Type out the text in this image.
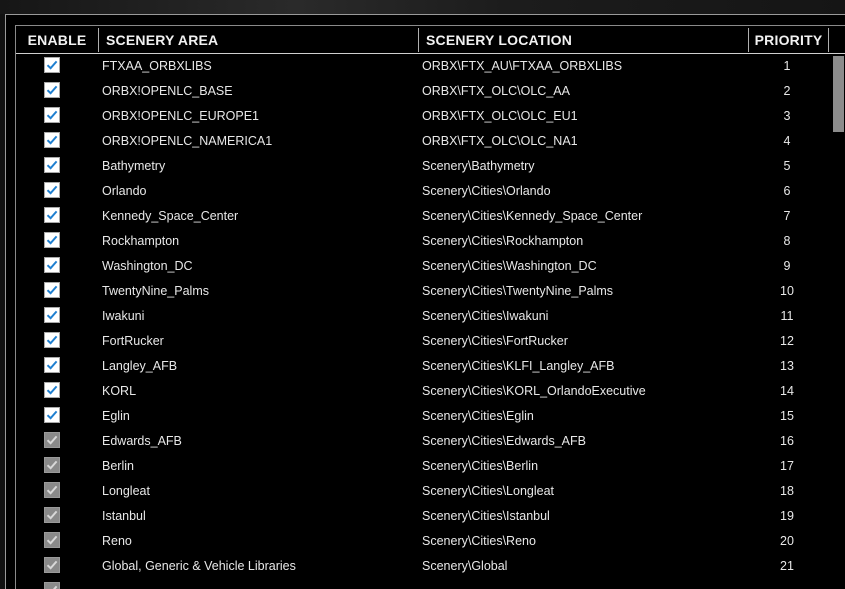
ENABLE	SCENERY AREA	SCENERY LOCATION	PRIORITY
FTXAA_ORBXLIBS	ORBX\FTX_AU\FTXAA_ORBXLIBS	1
ORBX!OPENLC_BASE	ORBX\FTX_OLC\OLC_AA	2
ORBX!OPENLC_EUROPE1	ORBX\FTX_OLC\OLC_EU1	3
ORBX!OPENLC_NAMERICA1	ORBX\FTX_OLC\OLC_NA1	4
Bathymetry	Scenery\Bathymetry	5
Orlando	Scenery\Cities\Orlando	6
Kennedy_Space_Center	Scenery\Cities\Kennedy_Space_Center	7
Rockhampton	Scenery\Cities\Rockhampton	8
Washington_DC	Scenery\Cities\Washington_DC	9
TwentyNine_Palms	Scenery\Cities\TwentyNine_Palms	10
Iwakuni	Scenery\Cities\Iwakuni	11
FortRucker	Scenery\Cities\FortRucker	12
Langley_AFB	Scenery\Cities\KLFI_Langley_AFB	13
KORL	Scenery\Cities\KORL_OrlandoExecutive	14
Eglin	Scenery\Cities\Eglin	15
Edwards_AFB	Scenery\Cities\Edwards_AFB	16
Berlin	Scenery\Cities\Berlin	17
Longleat	Scenery\Cities\Longleat	18
Istanbul	Scenery\Cities\Istanbul	19
Reno	Scenery\Cities\Reno	20
Global, Generic & Vehicle Libraries	Scenery\Global	21
